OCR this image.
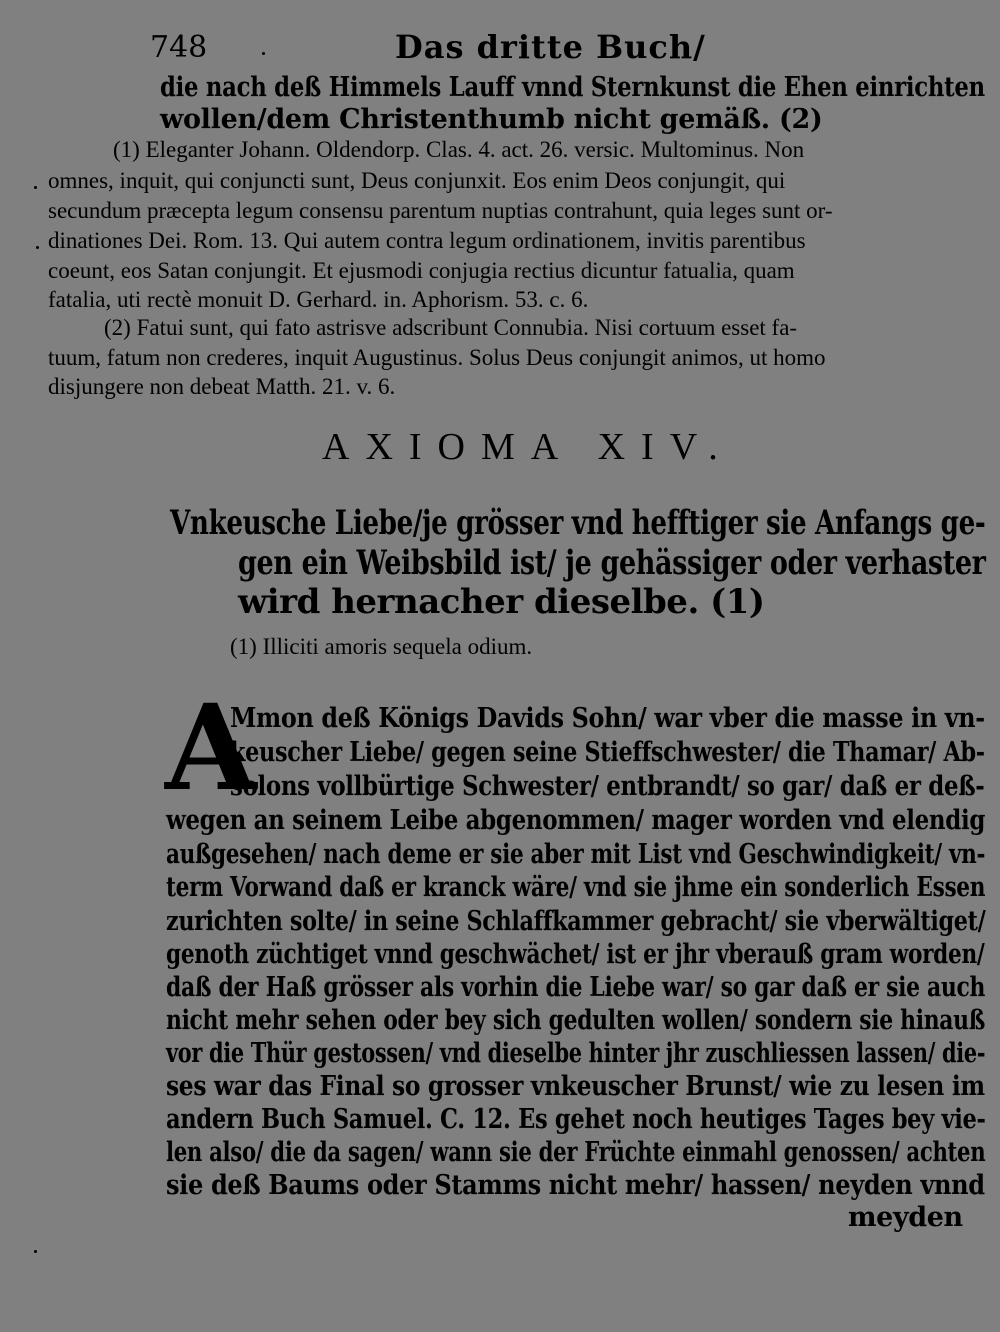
748	Das dritte Buch/
die nach deß Himmels Lauff vnnd Sternkunst die Ehen einrichten
wollen/dem Christenthumb nicht gemäß. (2)
(1) Eleganter Johann. Oldendorp. Clas. 4. act. 26. versic. Multominus. Non
omnes, inquit, qui conjuncti sunt, Deus conjunxit. Eos enim Deos conjungit, qui
secundum præcepta legum consensu parentum nuptias contrahunt, quia leges sunt or-
dinationes Dei. Rom. 13. Qui autem contra legum ordinationem, invitis parentibus
coeunt, eos Satan conjungit. Et ejusmodi conjugia rectius dicuntur fatualia, quam
fatalia, uti rectè monuit D. Gerhard. in. Aphorism. 53. c. 6.
(2) Fatui sunt, qui fato astrisve adscribunt Connubia. Nisi cortuum esset fa-
tuum, fatum non crederes, inquit Augustinus. Solus Deus conjungit animos, ut homo
disjungere non debeat Matth. 21. v. 6.
AXIOMA XIV.
Vnkeusche Liebe/je grösser vnd hefftiger sie Anfangs ge-
gen ein Weibsbild ist/ je gehässiger oder verhaster
wird hernacher dieselbe. (1)
(1) Illiciti amoris sequela odium.
A
Mmon deß Königs Davids Sohn/ war vber die masse in vn-
keuscher Liebe/ gegen seine Stieffschwester/ die Thamar/ Ab-
solons vollbürtige Schwester/ entbrandt/ so gar/ daß er deß-
wegen an seinem Leibe abgenommen/ mager worden vnd elendig
außgesehen/ nach deme er sie aber mit List vnd Geschwindigkeit/ vn-
term Vorwand daß er kranck wäre/ vnd sie jhme ein sonderlich Essen
zurichten solte/ in seine Schlaffkammer gebracht/ sie vberwältiget/
genoth züchtiget vnnd geschwächet/ ist er jhr vberauß gram worden/
daß der Haß grösser als vorhin die Liebe war/ so gar daß er sie auch
nicht mehr sehen oder bey sich gedulten wollen/ sondern sie hinauß
vor die Thür gestossen/ vnd dieselbe hinter jhr zuschliessen lassen/ die-
ses war das Final so grosser vnkeuscher Brunst/ wie zu lesen im
andern Buch Samuel. C. 12. Es gehet noch heutiges Tages bey vie-
len also/ die da sagen/ wann sie der Früchte einmahl genossen/ achten
sie deß Baums oder Stamms nicht mehr/ hassen/ neyden vnnd
meyden
